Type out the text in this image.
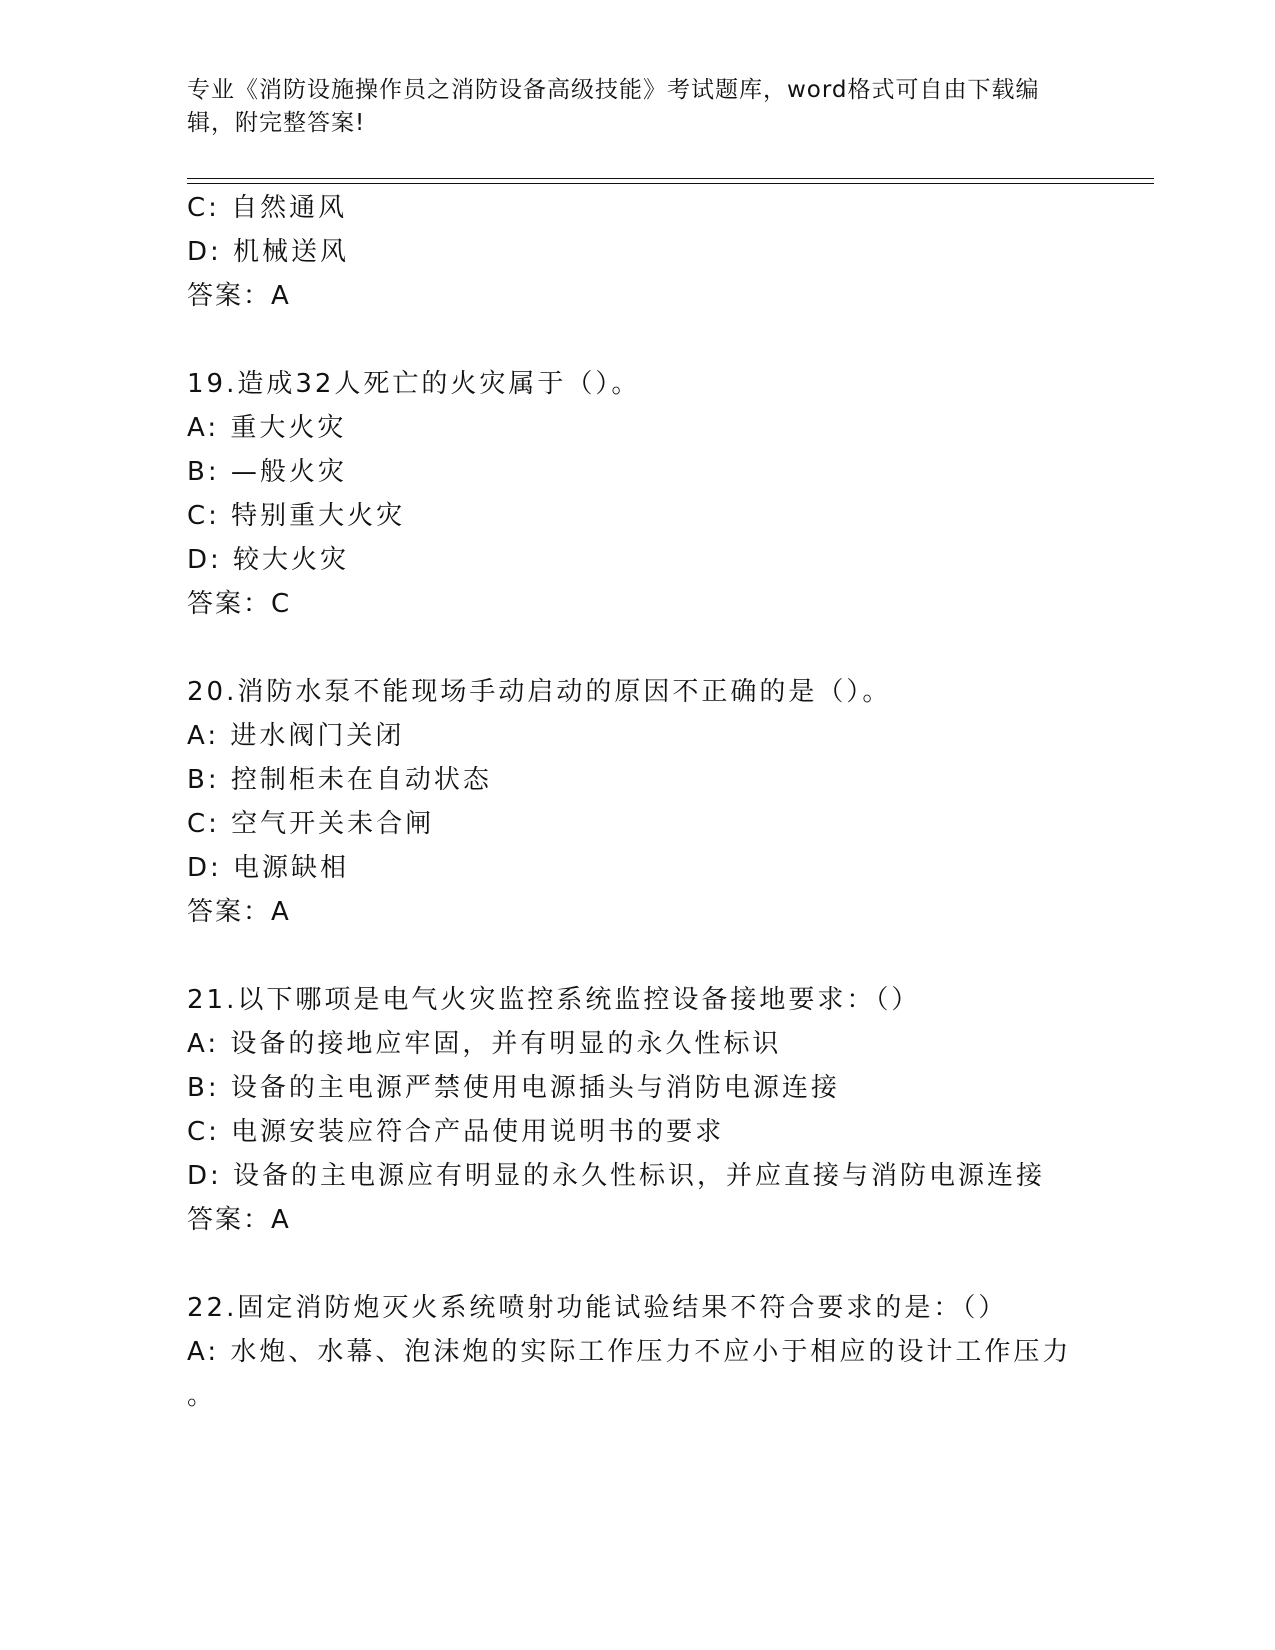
专业《消防设施操作员之消防设备高级技能》考试题库，word格式可自由下载编辑，附完整答案!
C: 自然通风
D: 机械送风
答案：A
19.造成32人死亡的火灾属于（）。
A: 重大火灾
B: —般火灾
C: 特别重大火灾
D: 较大火灾
答案：C
20.消防水泵不能现场手动启动的原因不正确的是（）。
A: 进水阀门关闭
B: 控制柜未在自动状态
C: 空气开关未合闸
D: 电源缺相
答案：A
21.以下哪项是电气火灾监控系统监控设备接地要求：（）
A: 设备的接地应牢固，并有明显的永久性标识
B: 设备的主电源严禁使用电源插头与消防电源连接
C: 电源安装应符合产品使用说明书的要求
D: 设备的主电源应有明显的永久性标识，并应直接与消防电源连接
答案：A
22.固定消防炮灭火系统喷射功能试验结果不符合要求的是：（）
A: 水炮、水幕、泡沫炮的实际工作压力不应小于相应的设计工作压力
。
